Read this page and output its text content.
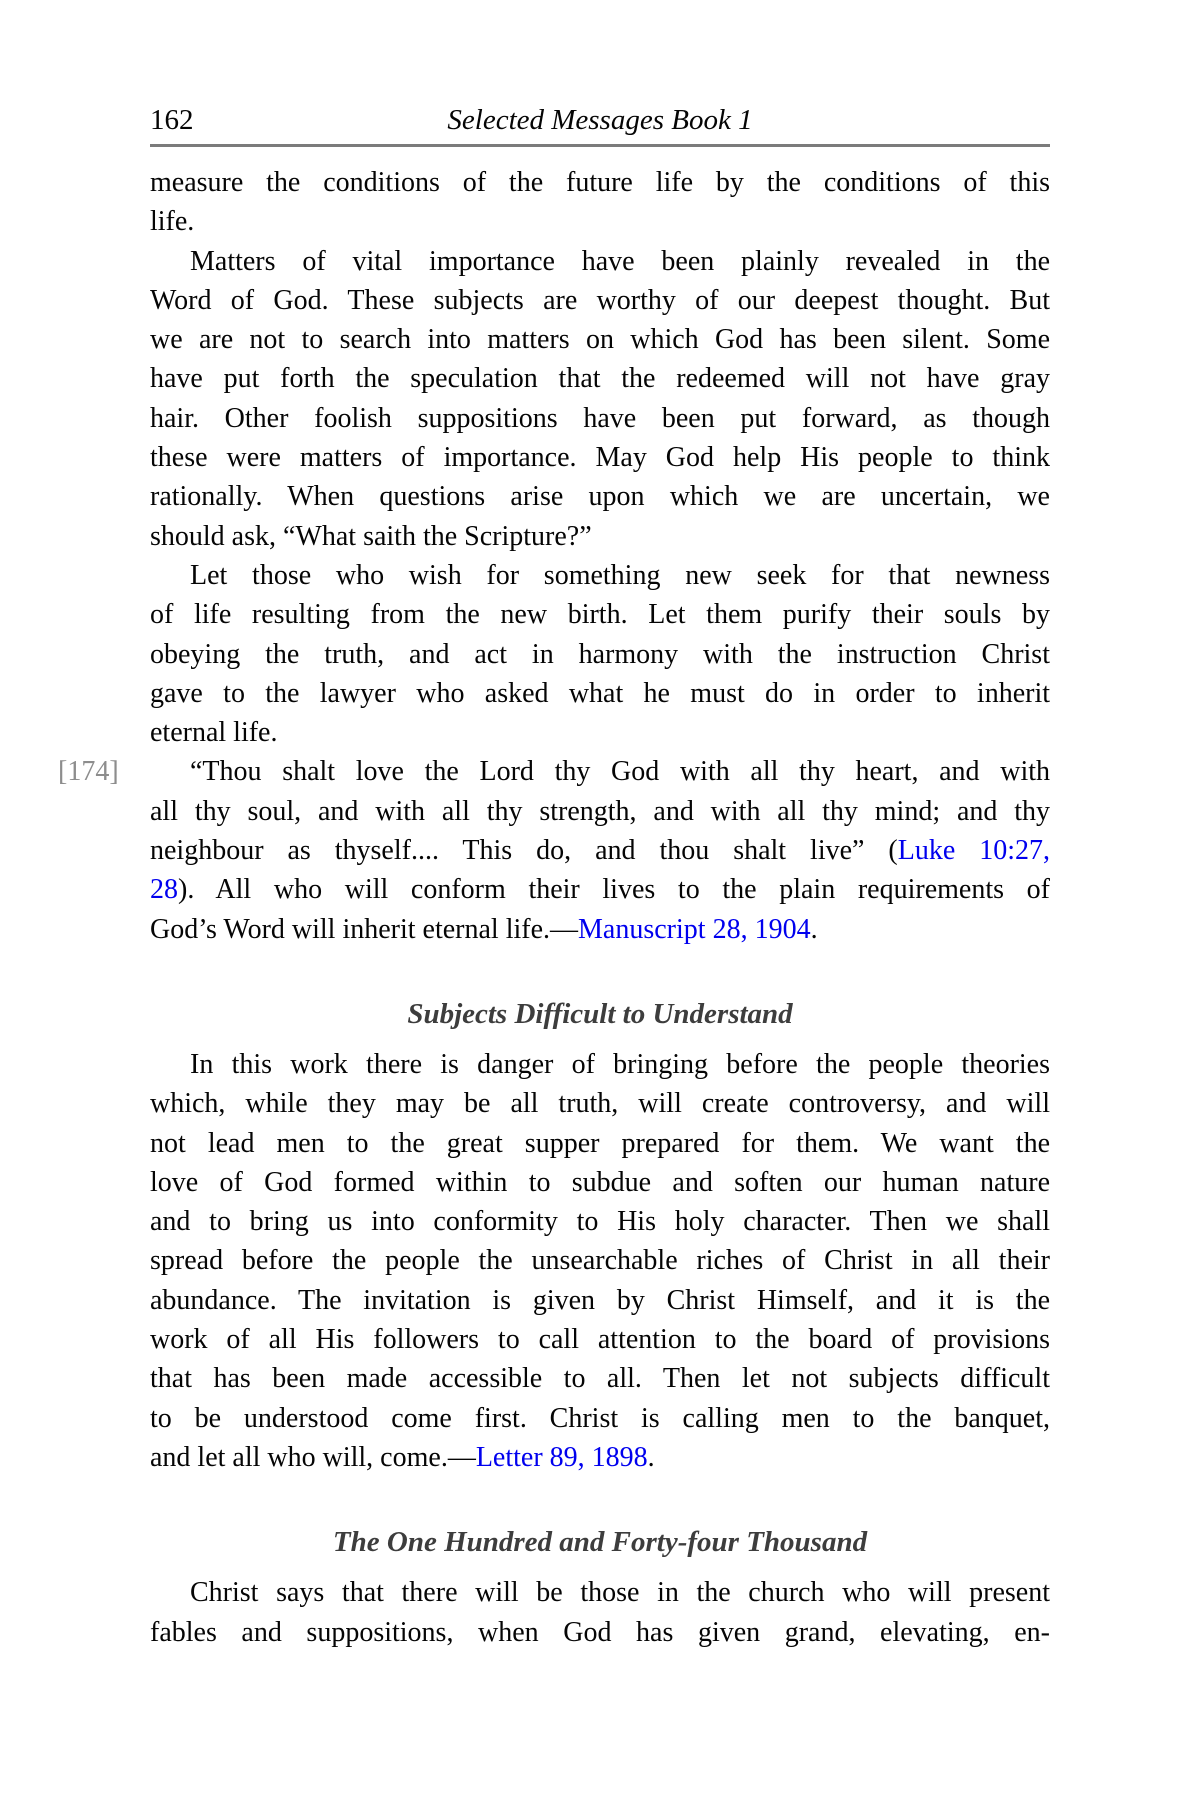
162	Selected Messages Book 1
measure the conditions of the future life by the conditions of this
life.
Matters of vital importance have been plainly revealed in the
Word of God. These subjects are worthy of our deepest thought. But
we are not to search into matters on which God has been silent. Some
have put forth the speculation that the redeemed will not have gray
hair. Other foolish suppositions have been put forward, as though
these were matters of importance. May God help His people to think
rationally. When questions arise upon which we are uncertain, we
should ask, “What saith the Scripture?”
Let those who wish for something new seek for that newness
of life resulting from the new birth. Let them purify their souls by
obeying the truth, and act in harmony with the instruction Christ
gave to the lawyer who asked what he must do in order to inherit
eternal life.
[174]	“Thou shalt love the Lord thy God with all thy heart, and with
all thy soul, and with all thy strength, and with all thy mind; and thy
neighbour as thyself.... This do, and thou shalt live” (Luke 10:27,
28). All who will conform their lives to the plain requirements of
God’s Word will inherit eternal life.—Manuscript 28, 1904.
Subjects Difficult to Understand
In this work there is danger of bringing before the people theories
which, while they may be all truth, will create controversy, and will
not lead men to the great supper prepared for them. We want the
love of God formed within to subdue and soften our human nature
and to bring us into conformity to His holy character. Then we shall
spread before the people the unsearchable riches of Christ in all their
abundance. The invitation is given by Christ Himself, and it is the
work of all His followers to call attention to the board of provisions
that has been made accessible to all. Then let not subjects difficult
to be understood come first. Christ is calling men to the banquet,
and let all who will, come.—Letter 89, 1898.
The One Hundred and Forty-four Thousand
Christ says that there will be those in the church who will present
fables and suppositions, when God has given grand, elevating, en-
